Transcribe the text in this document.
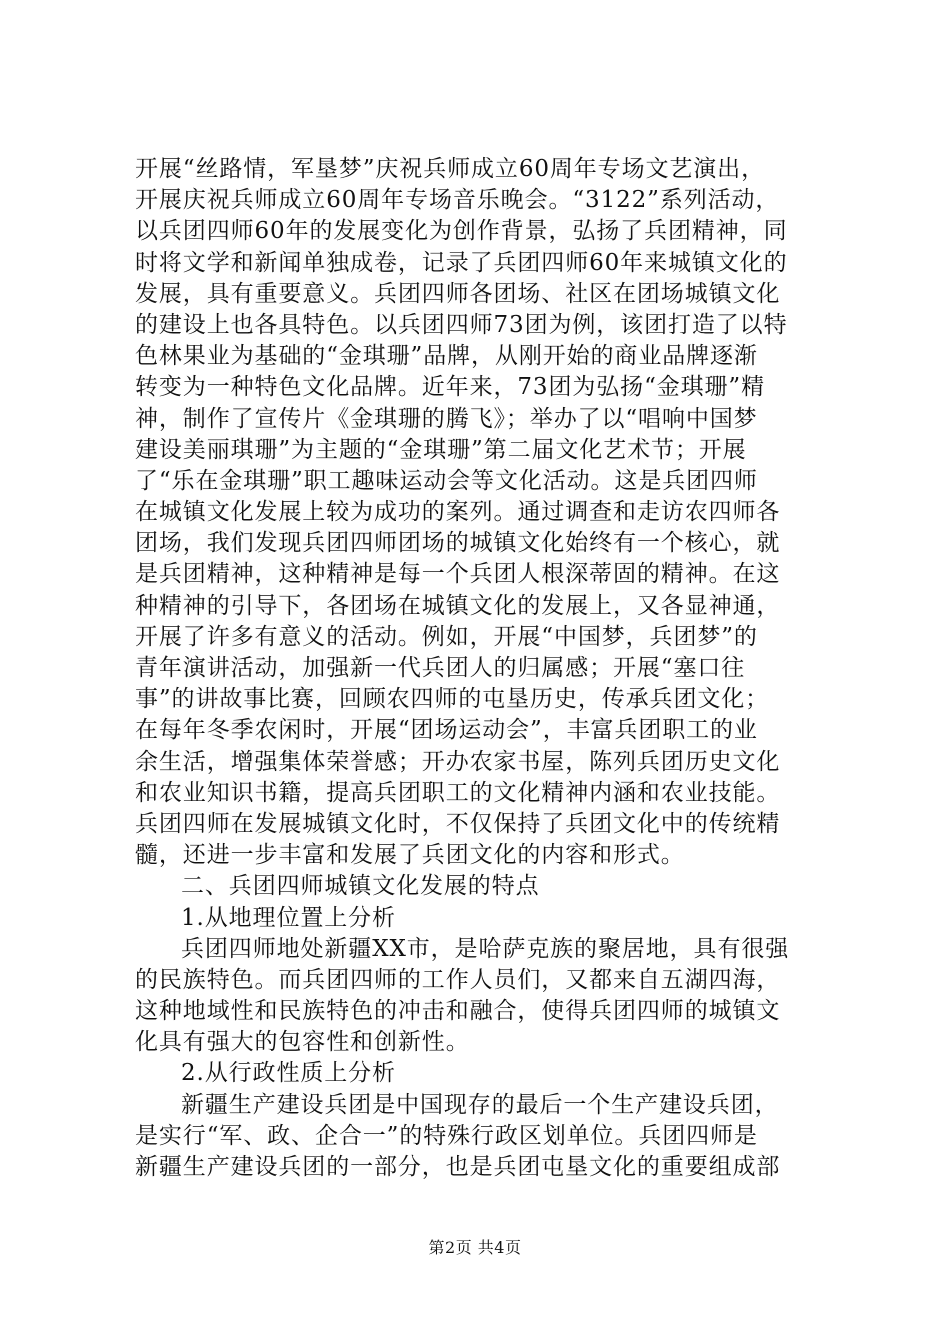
开展“丝路情，军垦梦”庆祝兵师成立60周年专场文艺演出，
开展庆祝兵师成立60周年专场音乐晚会。“3122”系列活动，
以兵团四师60年的发展变化为创作背景，弘扬了兵团精神，同
时将文学和新闻单独成卷，记录了兵团四师60年来城镇文化的
发展，具有重要意义。兵团四师各团场、社区在团场城镇文化
的建设上也各具特色。以兵团四师73团为例，该团打造了以特
色林果业为基础的“金琪珊”品牌，从刚开始的商业品牌逐渐
转变为一种特色文化品牌。近年来，73团为弘扬“金琪珊”精
神，制作了宣传片《金琪珊的腾飞》；举办了以“唱响中国梦
建设美丽琪珊”为主题的“金琪珊”第二届文化艺术节；开展
了“乐在金琪珊”职工趣味运动会等文化活动。这是兵团四师
在城镇文化发展上较为成功的案列。通过调查和走访农四师各
团场，我们发现兵团四师团场的城镇文化始终有一个核心，就
是兵团精神，这种精神是每一个兵团人根深蒂固的精神。在这
种精神的引导下，各团场在城镇文化的发展上，又各显神通，
开展了许多有意义的活动。例如，开展“中国梦，兵团梦”的
青年演讲活动，加强新一代兵团人的归属感；开展“塞口往
事”的讲故事比赛，回顾农四师的屯垦历史，传承兵团文化；
在每年冬季农闲时，开展“团场运动会”，丰富兵团职工的业
余生活，增强集体荣誉感；开办农家书屋，陈列兵团历史文化
和农业知识书籍，提高兵团职工的文化精神内涵和农业技能。
兵团四师在发展城镇文化时，不仅保持了兵团文化中的传统精
髓，还进一步丰富和发展了兵团文化的内容和形式。
二、兵团四师城镇文化发展的特点
1.从地理位置上分析
兵团四师地处新疆XX市，是哈萨克族的聚居地，具有很强
的民族特色。而兵团四师的工作人员们，又都来自五湖四海，
这种地域性和民族特色的冲击和融合，使得兵团四师的城镇文
化具有强大的包容性和创新性。
2.从行政性质上分析
新疆生产建设兵团是中国现存的最后一个生产建设兵团，
是实行“军、政、企合一”的特殊行政区划单位。兵团四师是
新疆生产建设兵团的一部分，也是兵团屯垦文化的重要组成部
第2页 共4页
